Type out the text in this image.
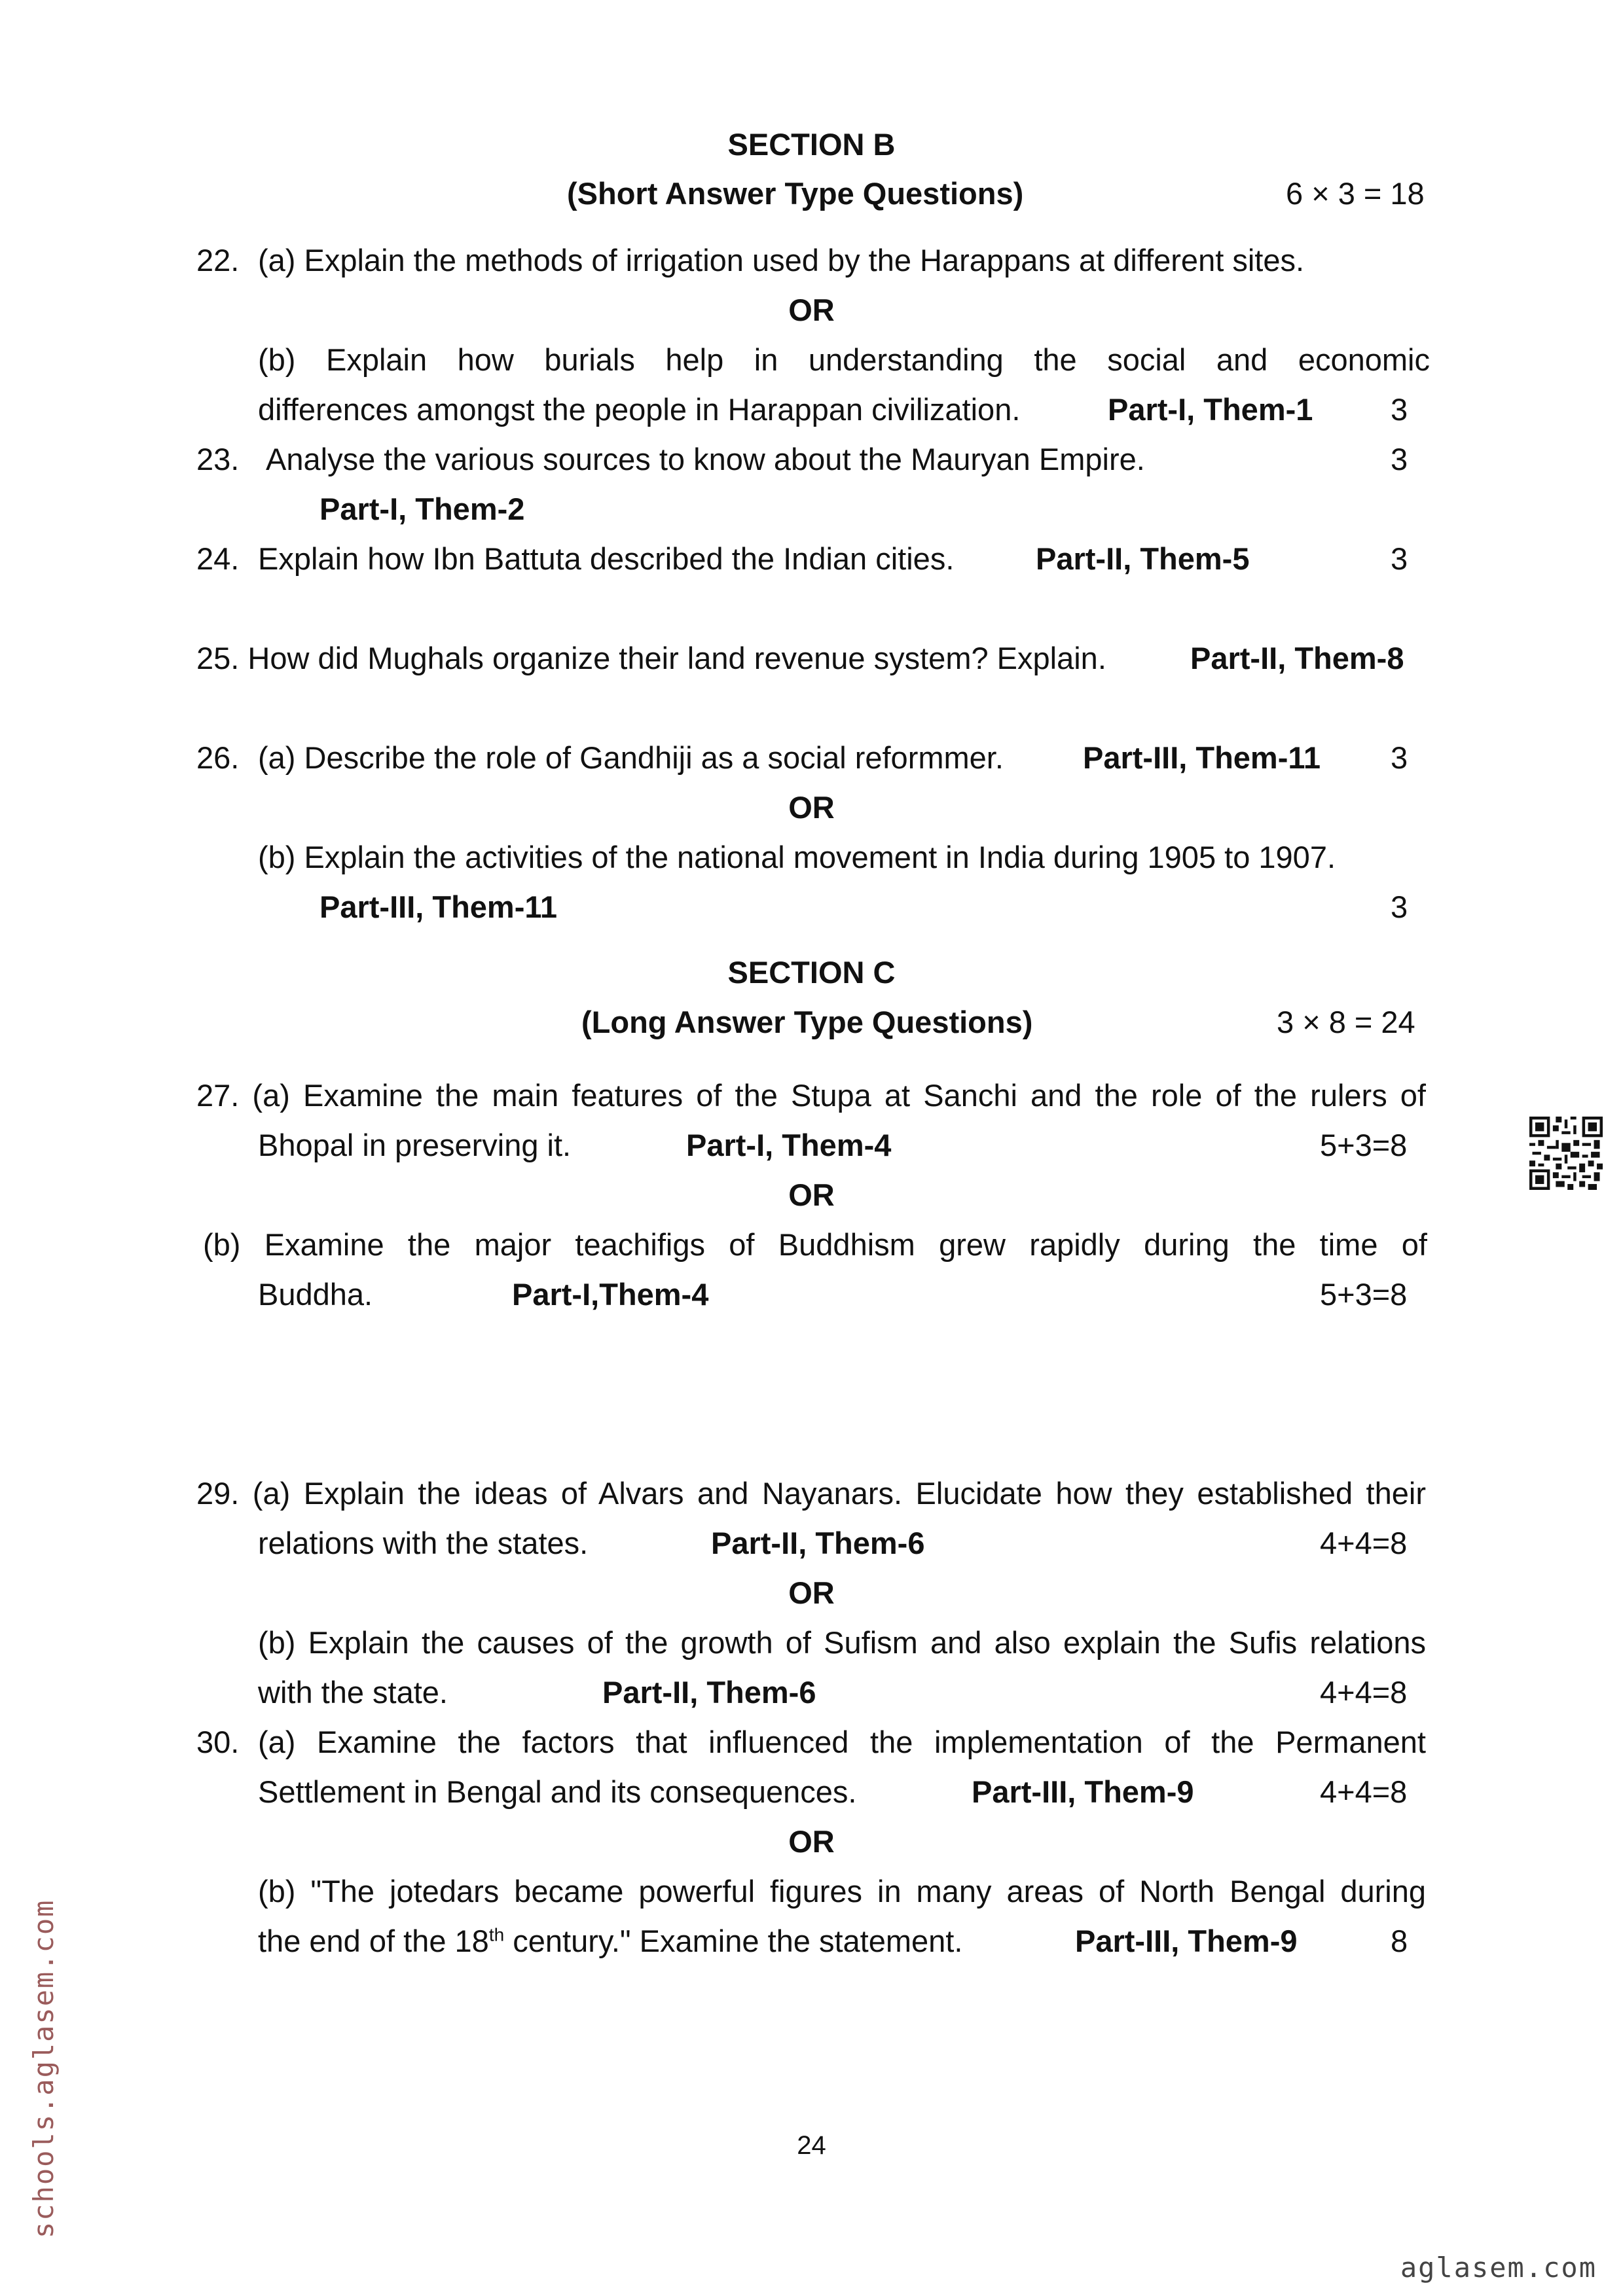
SECTION B
(Short Answer Type Questions)	6 × 3 = 18
22. (a) Explain the methods of irrigation used by the Harappans at different sites.
OR
(b) Explain how burials help in understanding the social and economic
differences amongst the people in Harappan civilization.	Part-I, Them-1	3
23. Analyse the various sources to know about the Mauryan Empire.	3
Part-I, Them-2
24. Explain how Ibn Battuta described the Indian cities.	Part-II, Them-5	3
25. How did Mughals organize their land revenue system? Explain.	Part-II, Them-8
26. (a) Describe the role of Gandhiji as a social reformmer.	Part-III, Them-11 3
OR
(b) Explain the activities of the national movement in India during 1905 to 1907.
Part-III, Them-11	3
SECTION C
(Long Answer Type Questions)	3 × 8 = 24
27. (a) Examine the main features of the Stupa at Sanchi and the role of the rulers of
Bhopal in preserving it.	Part-I, Them-4	5+3=8
OR
(b) Examine the major teachifigs of Buddhism grew rapidly during the time of
Buddha.	Part-I,Them-4	5+3=8
29. (a) Explain the ideas of Alvars and Nayanars. Elucidate how they established their
relations with the states.	Part-II, Them-6	4+4=8
OR
(b) Explain the causes of the growth of Sufism and also explain the Sufis relations
with the state.	Part-II, Them-6	4+4=8
30. (a) Examine the factors that influenced the implementation of the Permanent
Settlement in Bengal and its consequences.	Part-III, Them-9	4+4=8
OR
(b) "The jotedars became powerful figures in many areas of North Bengal during
the end of the 18th century." Examine the statement.	Part-III, Them-9	8
24
schools.aglasem.com
aglasem.com
